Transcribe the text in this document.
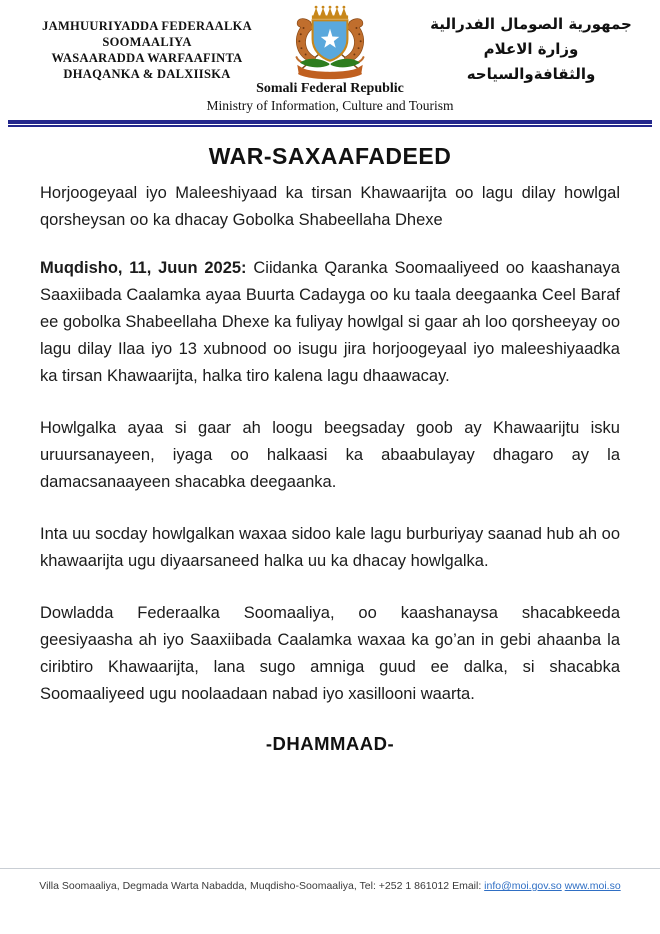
JAMHUURIYADDA FEDERAALKA
SOOMAALIYA
WASAARADDA WARFAAFINTA
DHAQANKA & DALXIISKA
جمهورية الصومال الفدرالية
وزارة الاعلام
والثقافةوالسياحه
Somali Federal Republic
Ministry of Information, Culture and Tourism
WAR-SAXAAFADEED
Horjoogeyaal iyo Maleeshiyaad ka tirsan Khawaarijta oo lagu dilay howlgal qorsheysan oo ka dhacay Gobolka Shabeellaha Dhexe

Muqdisho, 11, Juun 2025: Ciidanka Qaranka Soomaaliyeed oo kaashanaya Saaxiibada Caalamka ayaa Buurta Cadayga oo ku taala deegaanka Ceel Baraf ee gobolka Shabeellaha Dhexe ka fuliyay howlgal si gaar ah loo qorsheeyay oo lagu dilay Ilaa iyo 13 xubnood oo isugu jira horjoogeyaal iyo maleeshiyaadka ka tirsan Khawaarijta, halka tiro kalena lagu dhaawacay.

Howlgalka ayaa si gaar ah loogu beegsaday goob ay Khawaarijtu isku uruursanayeen, iyaga oo halkaasi ka abaabulayay dhagaro ay la damacsanaayeen shacabka deegaanka.

Inta uu socday howlgalkan waxaa sidoo kale lagu burburiyay saanad hub ah oo khawaarijta ugu diyaarsaneed halka uu ka dhacay howlgalka.

Dowladda Federaalka Soomaaliya, oo kaashanaysa shacabkeeda geesiyaasha ah iyo Saaxiibada Caalamka waxaa ka go’an in gebi ahaanba la ciribtiro Khawaarijta, lana sugo amniga guud ee dalka, si shacabka Soomaaliyeed ugu noolaadaan nabad iyo xasillooni waarta.

-DHAMMAAD-
Villa Soomaaliya, Degmada Warta Nabadda, Muqdisho-Soomaaliya, Tel: +252 1 861012 Email: info@moi.gov.so www.moi.so
